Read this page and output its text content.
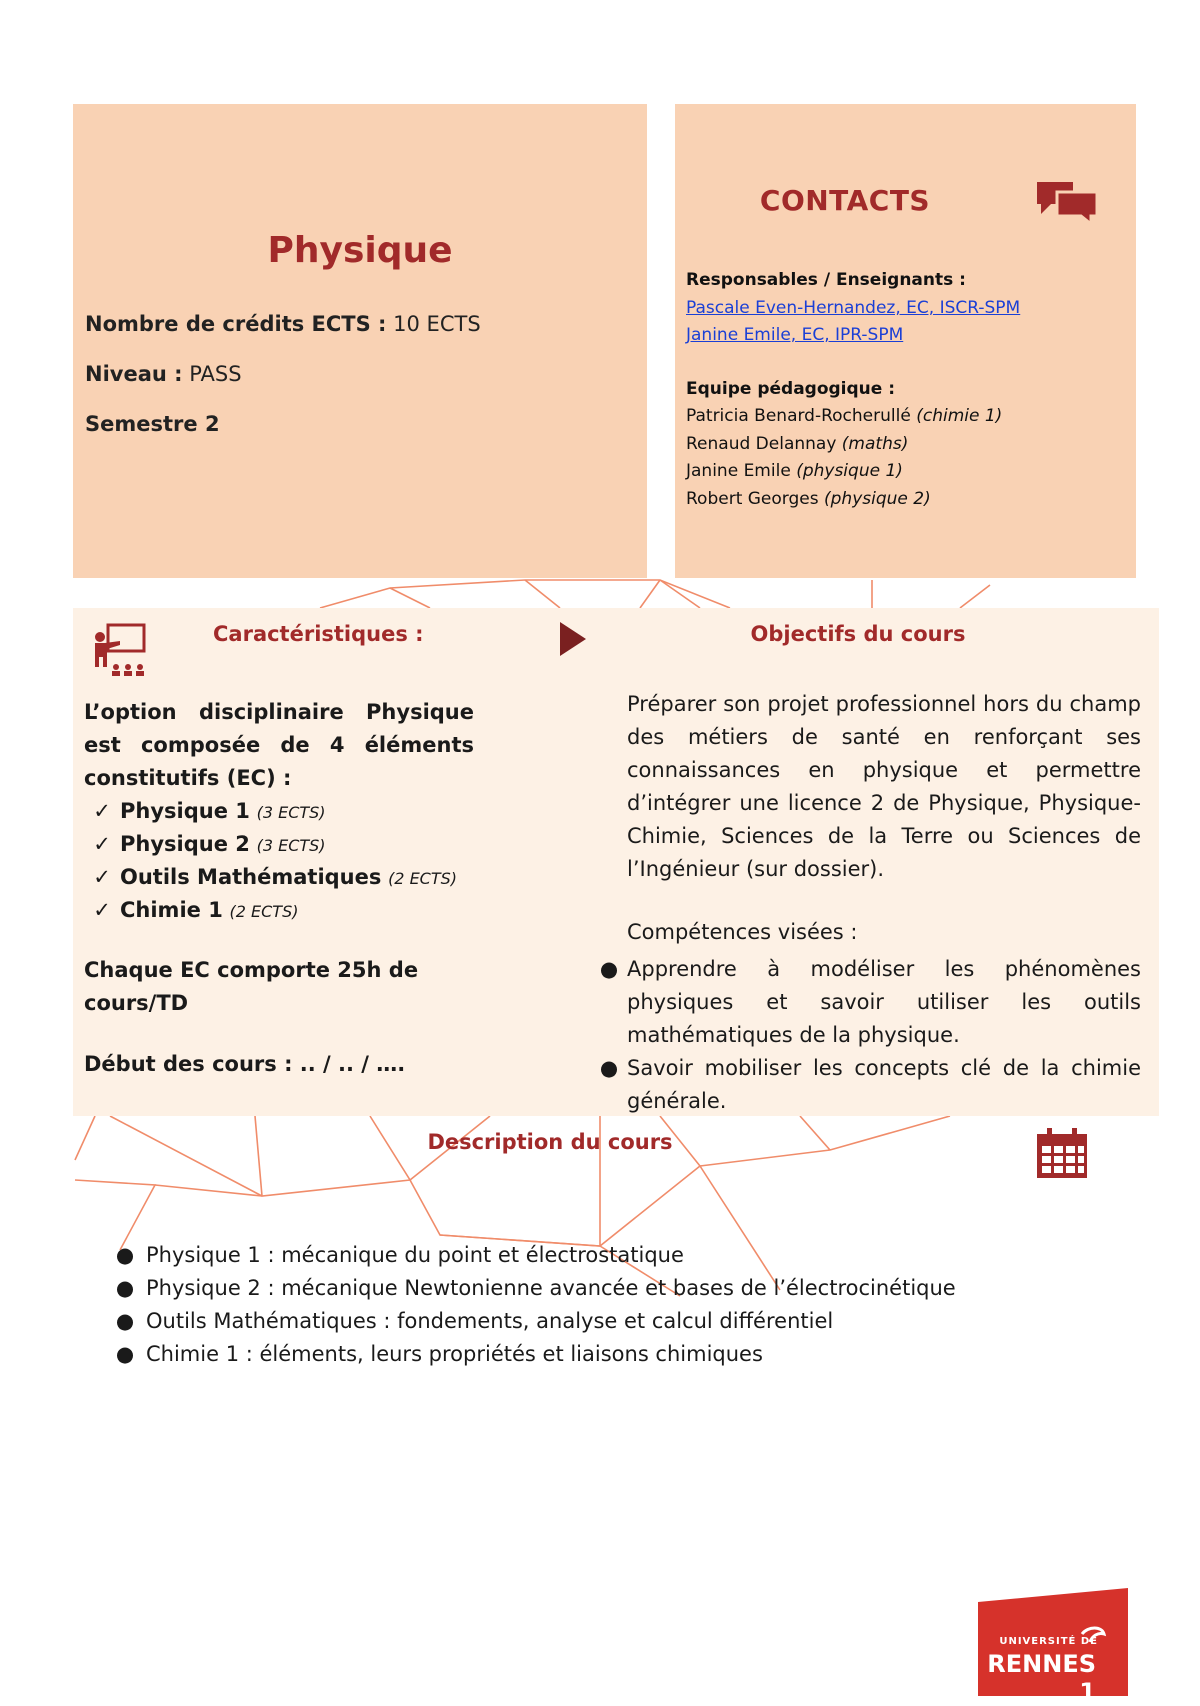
Physique
Nombre de crédits ECTS : 10 ECTS
Niveau : PASS
Semestre 2
CONTACTS
Responsables / Enseignants :
Pascale Even-Hernandez, EC, ISCR-SPM
Janine Emile, EC, IPR-SPM
Equipe pédagogique :
Patricia Benard-Rocherullé (chimie 1)
Renaud Delannay (maths)
Janine Emile (physique 1)
Robert Georges (physique 2)
Caractéristiques :	Objectifs du cours
L’option disciplinaire Physique est composée de 4 éléments constitutifs (EC) :
✓ Physique 1 (3 ECTS)
✓ Physique 2 (3 ECTS)
✓ Outils Mathématiques (2 ECTS)
✓ Chimie 1 (2 ECTS)
Chaque EC comporte 25h de cours/TD
Début des cours : .. / .. / ….
Préparer son projet professionnel hors du champ des métiers de santé en renforçant ses connaissances en physique et permettre d’intégrer une licence 2 de Physique, Physique-Chimie, Sciences de la Terre ou Sciences de l’Ingénieur (sur dossier).
Compétences visées :
● Apprendre à modéliser les phénomènes physiques et savoir utiliser les outils mathématiques de la physique.
● Savoir mobiliser les concepts clé de la chimie générale.
Description du cours
● Physique 1 : mécanique du point et électrostatique
● Physique 2 : mécanique Newtonienne avancée et bases de l’électrocinétique
● Outils Mathématiques : fondements, analyse et calcul différentiel
● Chimie 1 : éléments, leurs propriétés et liaisons chimiques
UNIVERSITÉ DE
RENNES 1
